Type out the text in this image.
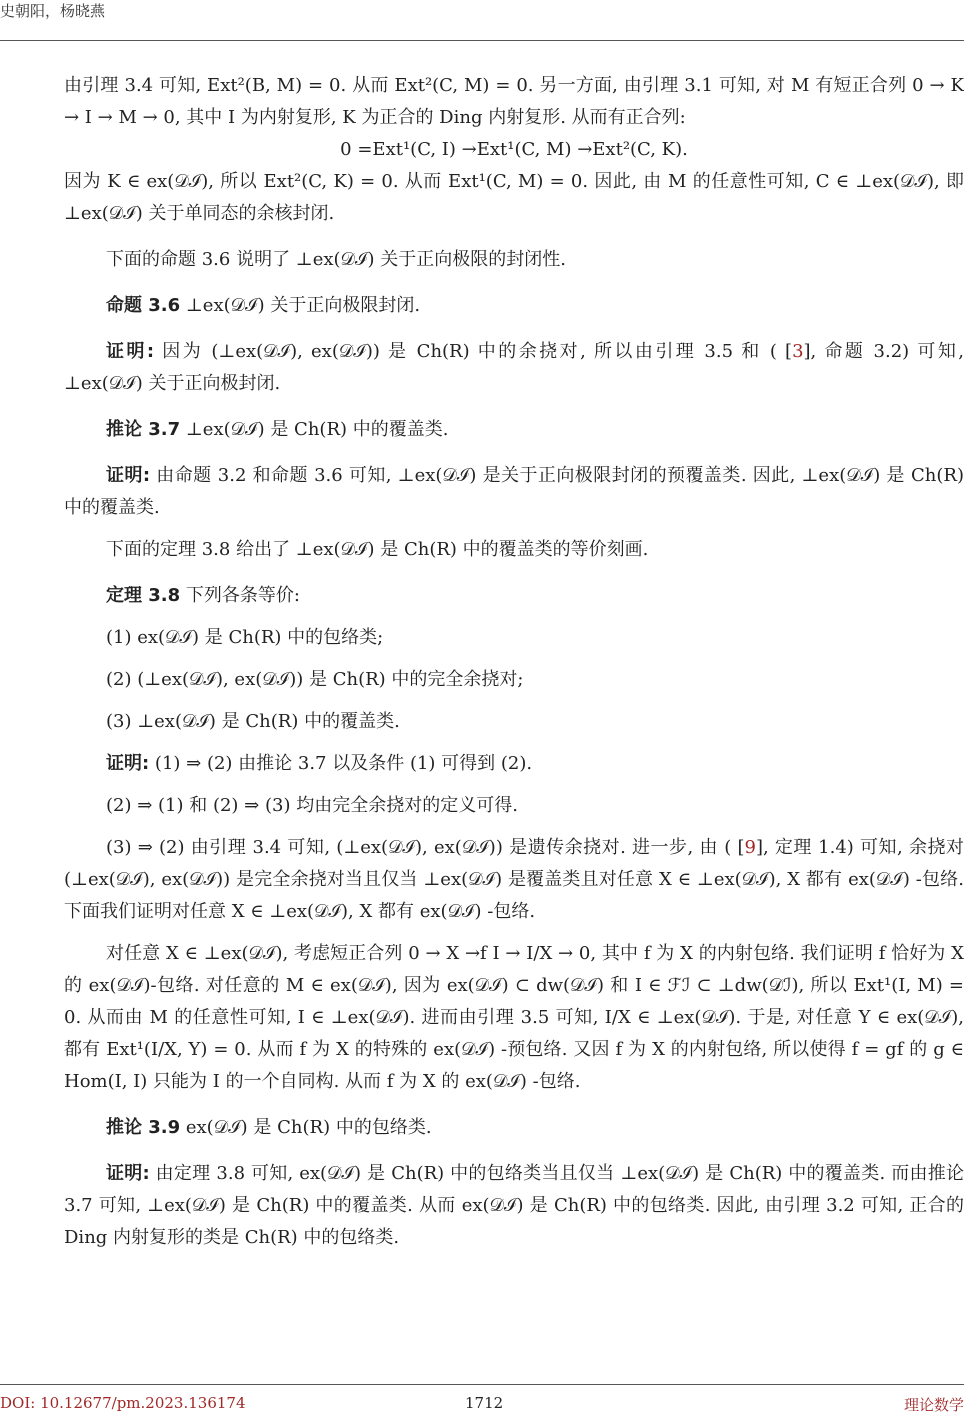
史朝阳，杨晓燕

由引理 3.4 可知, Ext²(B, M) = 0. 从而 Ext²(C, M) = 0. 另一方面, 由引理 3.1 可知, 对 M 有短正合列 0 → K → I → M → 0, 其中 I 为内射复形, K 为正合的 Ding 内射复形. 从而有正合列:

0 =Ext¹(C, I) →Ext¹(C, M) →Ext²(C, K).

因为 K ∈ ex(𝒟ℐ), 所以 Ext²(C, K) = 0. 从而 Ext¹(C, M) = 0. 因此, 由 M 的任意性可知, C ∈ ⊥ex(𝒟ℐ), 即 ⊥ex(𝒟ℐ) 关于单同态的余核封闭.

下面的命题 3.6 说明了 ⊥ex(𝒟ℐ) 关于正向极限的封闭性.

命题 3.6 ⊥ex(𝒟ℐ) 关于正向极限封闭.

证明: 因为 (⊥ex(𝒟ℐ), ex(𝒟ℐ)) 是 Ch(R) 中的余挠对, 所以由引理 3.5 和 ( [3], 命题 3.2) 可知, ⊥ex(𝒟ℐ) 关于正向极封闭.

推论 3.7 ⊥ex(𝒟ℐ) 是 Ch(R) 中的覆盖类.

证明: 由命题 3.2 和命题 3.6 可知, ⊥ex(𝒟ℐ) 是关于正向极限封闭的预覆盖类. 因此, ⊥ex(𝒟ℐ) 是 Ch(R) 中的覆盖类.

下面的定理 3.8 给出了 ⊥ex(𝒟ℐ) 是 Ch(R) 中的覆盖类的等价刻画.

定理 3.8 下列各条等价:

(1) ex(𝒟ℐ) 是 Ch(R) 中的包络类;

(2) (⊥ex(𝒟ℐ), ex(𝒟ℐ)) 是 Ch(R) 中的完全余挠对;

(3) ⊥ex(𝒟ℐ) 是 Ch(R) 中的覆盖类.

证明: (1) ⇒ (2) 由推论 3.7 以及条件 (1) 可得到 (2).

(2) ⇒ (1) 和 (2) ⇒ (3) 均由完全余挠对的定义可得.

(3) ⇒ (2) 由引理 3.4 可知, (⊥ex(𝒟ℐ), ex(𝒟ℐ)) 是遗传余挠对. 进一步, 由 ( [9], 定理 1.4) 可知, 余挠对 (⊥ex(𝒟ℐ), ex(𝒟ℐ)) 是完全余挠对当且仅当 ⊥ex(𝒟ℐ) 是覆盖类且对任意 X ∈ ⊥ex(𝒟ℐ), X 都有 ex(𝒟ℐ) -包络. 下面我们证明对任意 X ∈ ⊥ex(𝒟ℐ), X 都有 ex(𝒟ℐ) -包络.

对任意 X ∈ ⊥ex(𝒟ℐ), 考虑短正合列 0 → X →f I → I/X → 0, 其中 f 为 X 的内射包络. 我们证明 f 恰好为 X 的 ex(𝒟ℐ)-包络. 对任意的 M ∈ ex(𝒟ℐ), 因为 ex(𝒟ℐ) ⊂ dw(𝒟ℐ) 和 I ∈ ℱℐ ⊂ ⊥dw(𝒟ℐ), 所以 Ext¹(I, M) = 0. 从而由 M 的任意性可知, I ∈ ⊥ex(𝒟ℐ). 进而由引理 3.5 可知, I/X ∈ ⊥ex(𝒟ℐ). 于是, 对任意 Y ∈ ex(𝒟ℐ), 都有 Ext¹(I/X, Y) = 0. 从而 f 为 X 的特殊的 ex(𝒟ℐ) -预包络. 又因 f 为 X 的内射包络, 所以使得 f = gf 的 g ∈ Hom(I, I) 只能为 I 的一个自同构. 从而 f 为 X 的 ex(𝒟ℐ) -包络.

推论 3.9 ex(𝒟ℐ) 是 Ch(R) 中的包络类.

证明: 由定理 3.8 可知, ex(𝒟ℐ) 是 Ch(R) 中的包络类当且仅当 ⊥ex(𝒟ℐ) 是 Ch(R) 中的覆盖类. 而由推论 3.7 可知, ⊥ex(𝒟ℐ) 是 Ch(R) 中的覆盖类. 从而 ex(𝒟ℐ) 是 Ch(R) 中的包络类. 因此, 由引理 3.2 可知, 正合的 Ding 内射复形的类是 Ch(R) 中的包络类.

DOI: 10.12677/pm.2023.136174	1712	理论数学
